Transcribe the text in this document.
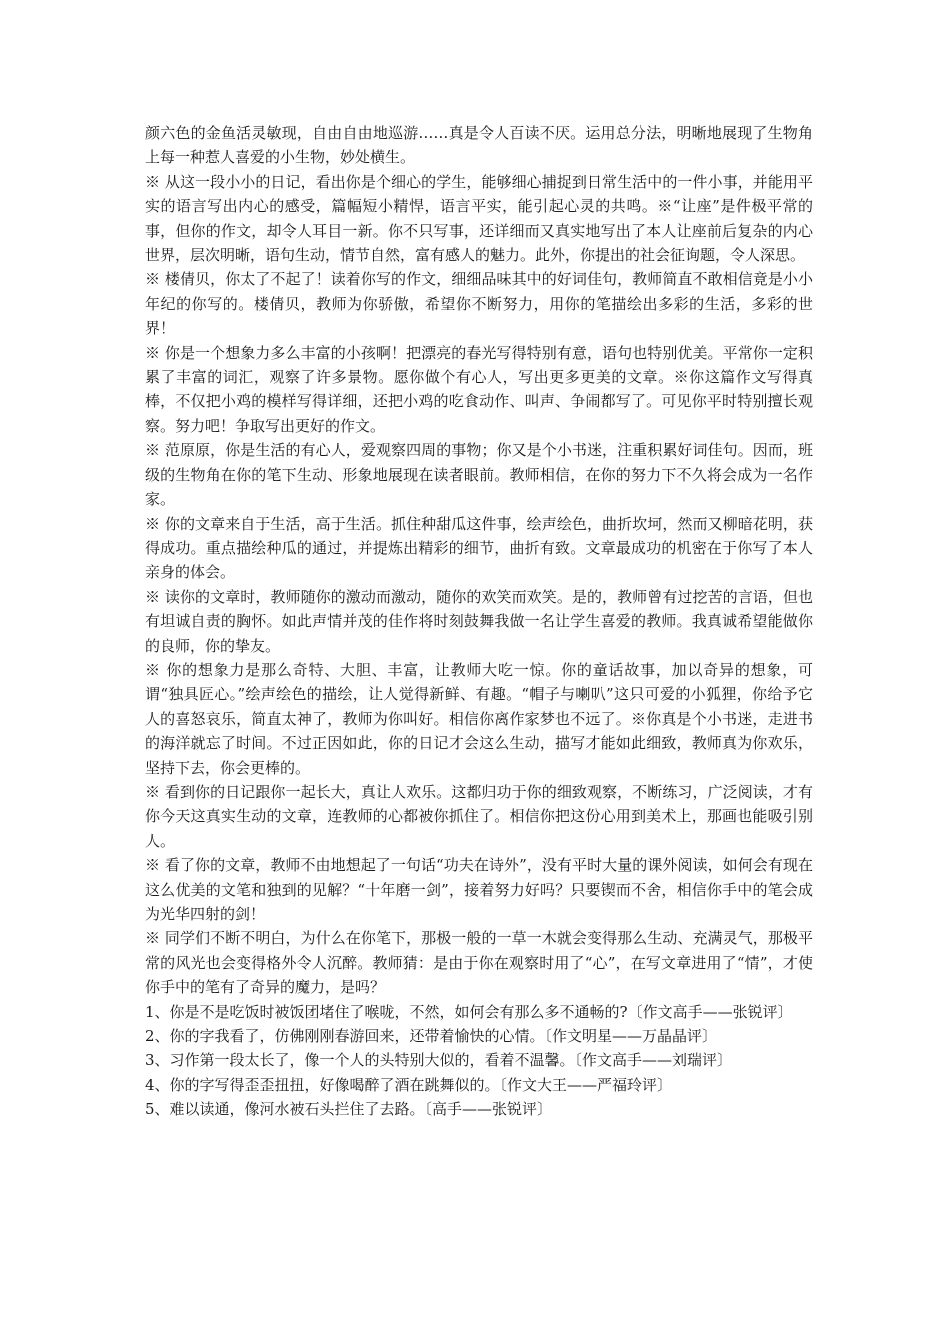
颜六色的金鱼活灵敏现，自由自由地巡游……真是令人百读不厌。运用总分法，明晰地展现了生物角上每一种惹人喜爱的小生物，妙处横生。

※ 从这一段小小的日记，看出你是个细心的学生，能够细心捕捉到日常生活中的一件小事，并能用平实的语言写出内心的感受，篇幅短小精悍，语言平实，能引起心灵的共鸣。※“让座”是件极平常的事，但你的作文，却令人耳目一新。你不只写事，还详细而又真实地写出了本人让座前后复杂的内心世界，层次明晰，语句生动，情节自然，富有感人的魅力。此外，你提出的社会征询题，令人深思。

※ 楼倩贝，你太了不起了！读着你写的作文，细细品味其中的好词佳句，教师简直不敢相信竟是小小年纪的你写的。楼倩贝，教师为你骄傲，希望你不断努力，用你的笔描绘出多彩的生活，多彩的世界！

※ 你是一个想象力多么丰富的小孩啊！把漂亮的春光写得特别有意，语句也特别优美。平常你一定积累了丰富的词汇，观察了许多景物。愿你做个有心人，写出更多更美的文章。※你这篇作文写得真棒，不仅把小鸡的模样写得详细，还把小鸡的吃食动作、叫声、争闹都写了。可见你平时特别擅长观察。努力吧！争取写出更好的作文。

※ 范原原，你是生活的有心人，爱观察四周的事物；你又是个小书迷，注重积累好词佳句。因而，班级的生物角在你的笔下生动、形象地展现在读者眼前。教师相信，在你的努力下不久将会成为一名作家。

※ 你的文章来自于生活，高于生活。抓住种甜瓜这件事，绘声绘色，曲折坎坷，然而又柳暗花明，获得成功。重点描绘种瓜的通过，并提炼出精彩的细节，曲折有致。文章最成功的机密在于你写了本人亲身的体会。

※ 读你的文章时，教师随你的激动而激动，随你的欢笑而欢笑。是的，教师曾有过挖苦的言语，但也有坦诚自责的胸怀。如此声情并茂的佳作将时刻鼓舞我做一名让学生喜爱的教师。我真诚希望能做你的良师，你的挚友。

※ 你的想象力是那么奇特、大胆、丰富，让教师大吃一惊。你的童话故事，加以奇异的想象，可谓“独具匠心。”绘声绘色的描绘，让人觉得新鲜、有趣。“帽子与喇叭”这只可爱的小狐狸，你给予它人的喜怒哀乐，简直太神了，教师为你叫好。相信你离作家梦也不远了。※你真是个小书迷，走进书的海洋就忘了时间。不过正因如此，你的日记才会这么生动，描写才能如此细致，教师真为你欢乐，坚持下去，你会更棒的。

※ 看到你的日记跟你一起长大，真让人欢乐。这都归功于你的细致观察，不断练习，广泛阅读，才有你今天这真实生动的文章，连教师的心都被你抓住了。相信你把这份心用到美术上，那画也能吸引别人。

※ 看了你的文章，教师不由地想起了一句话“功夫在诗外”，没有平时大量的课外阅读，如何会有现在这么优美的文笔和独到的见解？“十年磨一剑”，接着努力好吗？只要锲而不舍，相信你手中的笔会成为光华四射的剑！

※ 同学们不断不明白，为什么在你笔下，那极一般的一草一木就会变得那么生动、充满灵气，那极平常的风光也会变得格外令人沉醉。教师猜：是由于你在观察时用了“心”，在写文章进用了“情”，才使你手中的笔有了奇异的魔力，是吗？

1、你是不是吃饭时被饭团堵住了喉咙，不然，如何会有那么多不通畅的?〔作文高手——张锐评〕

2、你的字我看了，仿佛刚刚春游回来，还带着愉快的心情。〔作文明星——万晶晶评〕

3、习作第一段太长了，像一个人的头特别大似的，看着不温馨。〔作文高手——刘瑞评〕

4、你的字写得歪歪扭扭，好像喝醉了酒在跳舞似的。〔作文大王——严福玲评〕

5、难以读通，像河水被石头拦住了去路。〔高手——张锐评〕
